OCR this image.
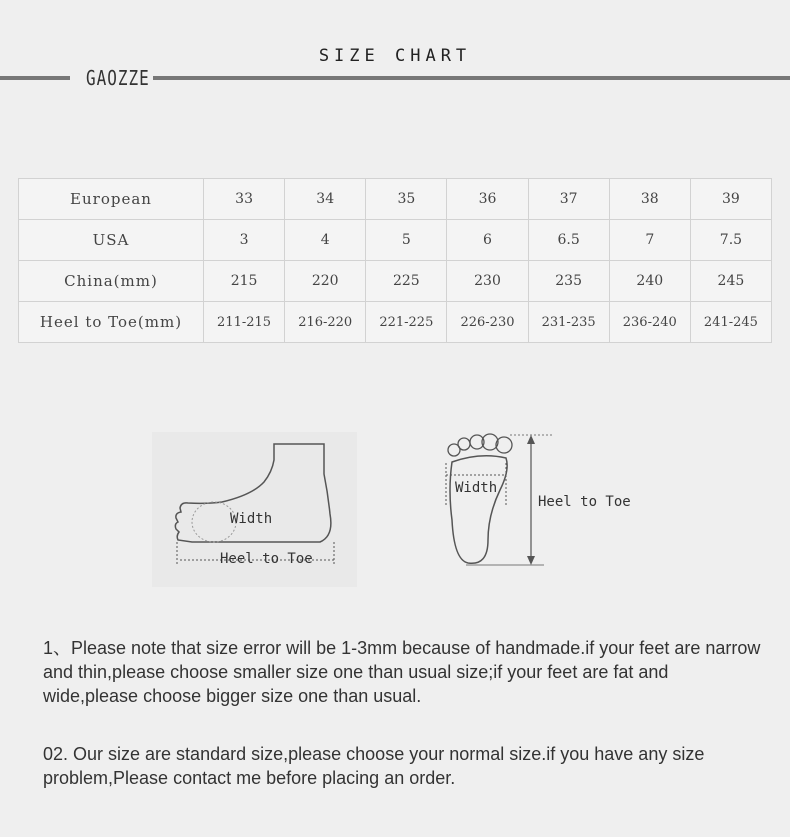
SIZE CHART
GAOZZE
European	33	34	35	36	37	38	39
USA	3	4	5	6	6.5	7	7.5
China(mm)	215	220	225	230	235	240	245
Heel to Toe(mm)	211-215	216-220	221-225	226-230	231-235	236-240	241-245
Width
Heel to Toe
Width
Heel to Toe
1、Please note that size error will be 1-3mm because of handmade.if your feet are narrow and thin,please choose smaller size one than usual size;if your feet are fat and wide,please choose bigger size one than usual.
02. Our size are standard size,please choose your normal size.if you have any size problem,Please contact me before placing an order.
